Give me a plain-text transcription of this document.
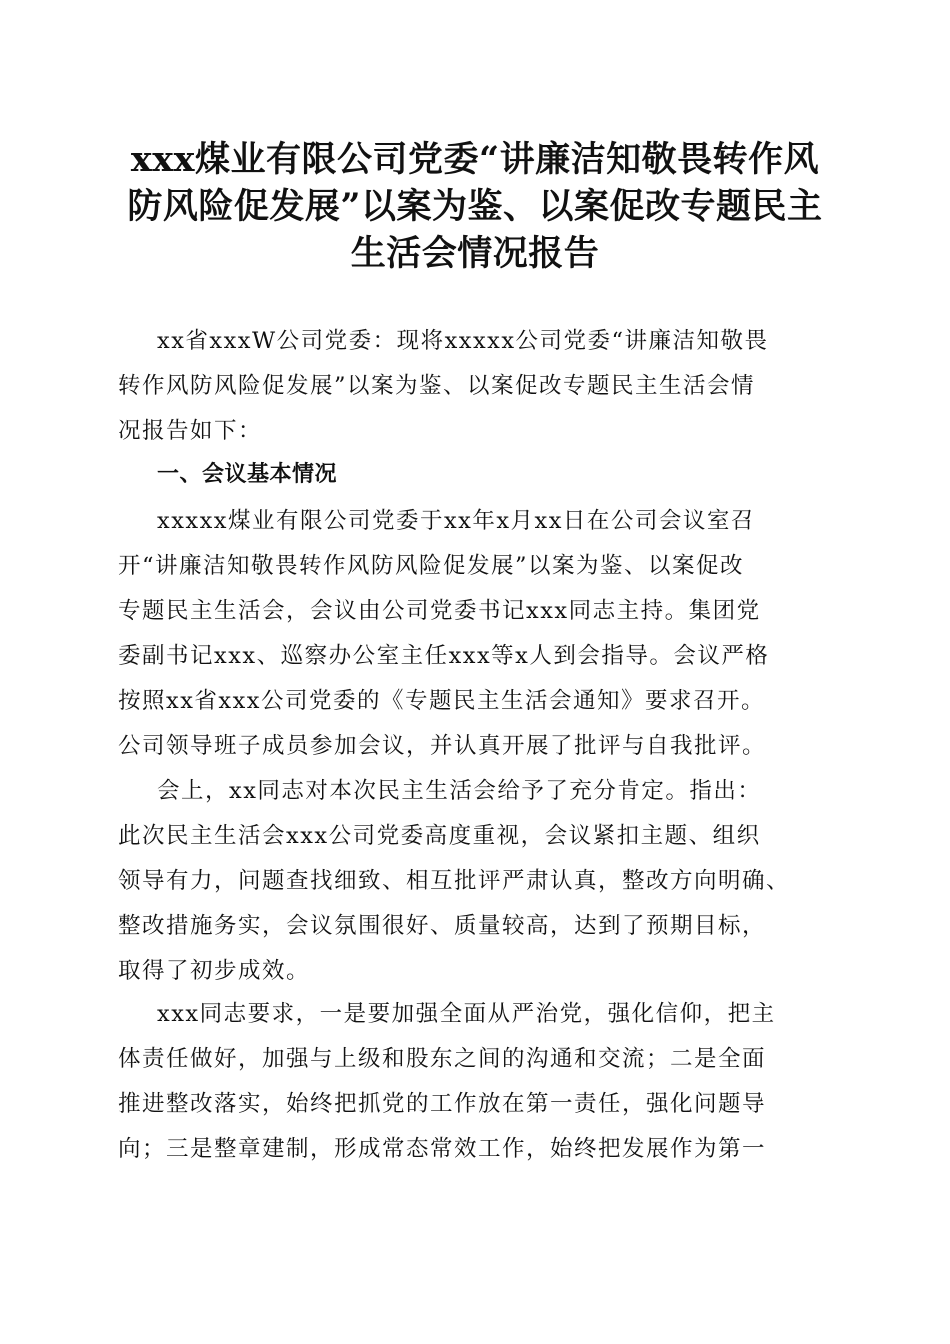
xxx煤业有限公司党委“讲廉洁知敬畏转作风
防风险促发展”以案为鉴、以案促改专题民主
生活会情况报告

xx省xxxW公司党委：现将xxxxx公司党委“讲廉洁知敬畏
转作风防风险促发展”以案为鉴、以案促改专题民主生活会情
况报告如下：

一、会议基本情况

xxxxx煤业有限公司党委于xx年x月xx日在公司会议室召
开“讲廉洁知敬畏转作风防风险促发展”以案为鉴、以案促改
专题民主生活会，会议由公司党委书记xxx同志主持。集团党
委副书记xxx、巡察办公室主任xxx等x人到会指导。会议严格
按照xx省xxx公司党委的《专题民主生活会通知》要求召开。
公司领导班子成员参加会议，并认真开展了批评与自我批评。

会上，xx同志对本次民主生活会给予了充分肯定。指出：
此次民主生活会xxx公司党委高度重视，会议紧扣主题、组织
领导有力，问题查找细致、相互批评严肃认真，整改方向明确、
整改措施务实，会议氛围很好、质量较高，达到了预期目标，
取得了初步成效。

xxx同志要求，一是要加强全面从严治党，强化信仰，把主
体责任做好，加强与上级和股东之间的沟通和交流；二是全面
推进整改落实，始终把抓党的工作放在第一责任，强化问题导
向；三是整章建制，形成常态常效工作，始终把发展作为第一
